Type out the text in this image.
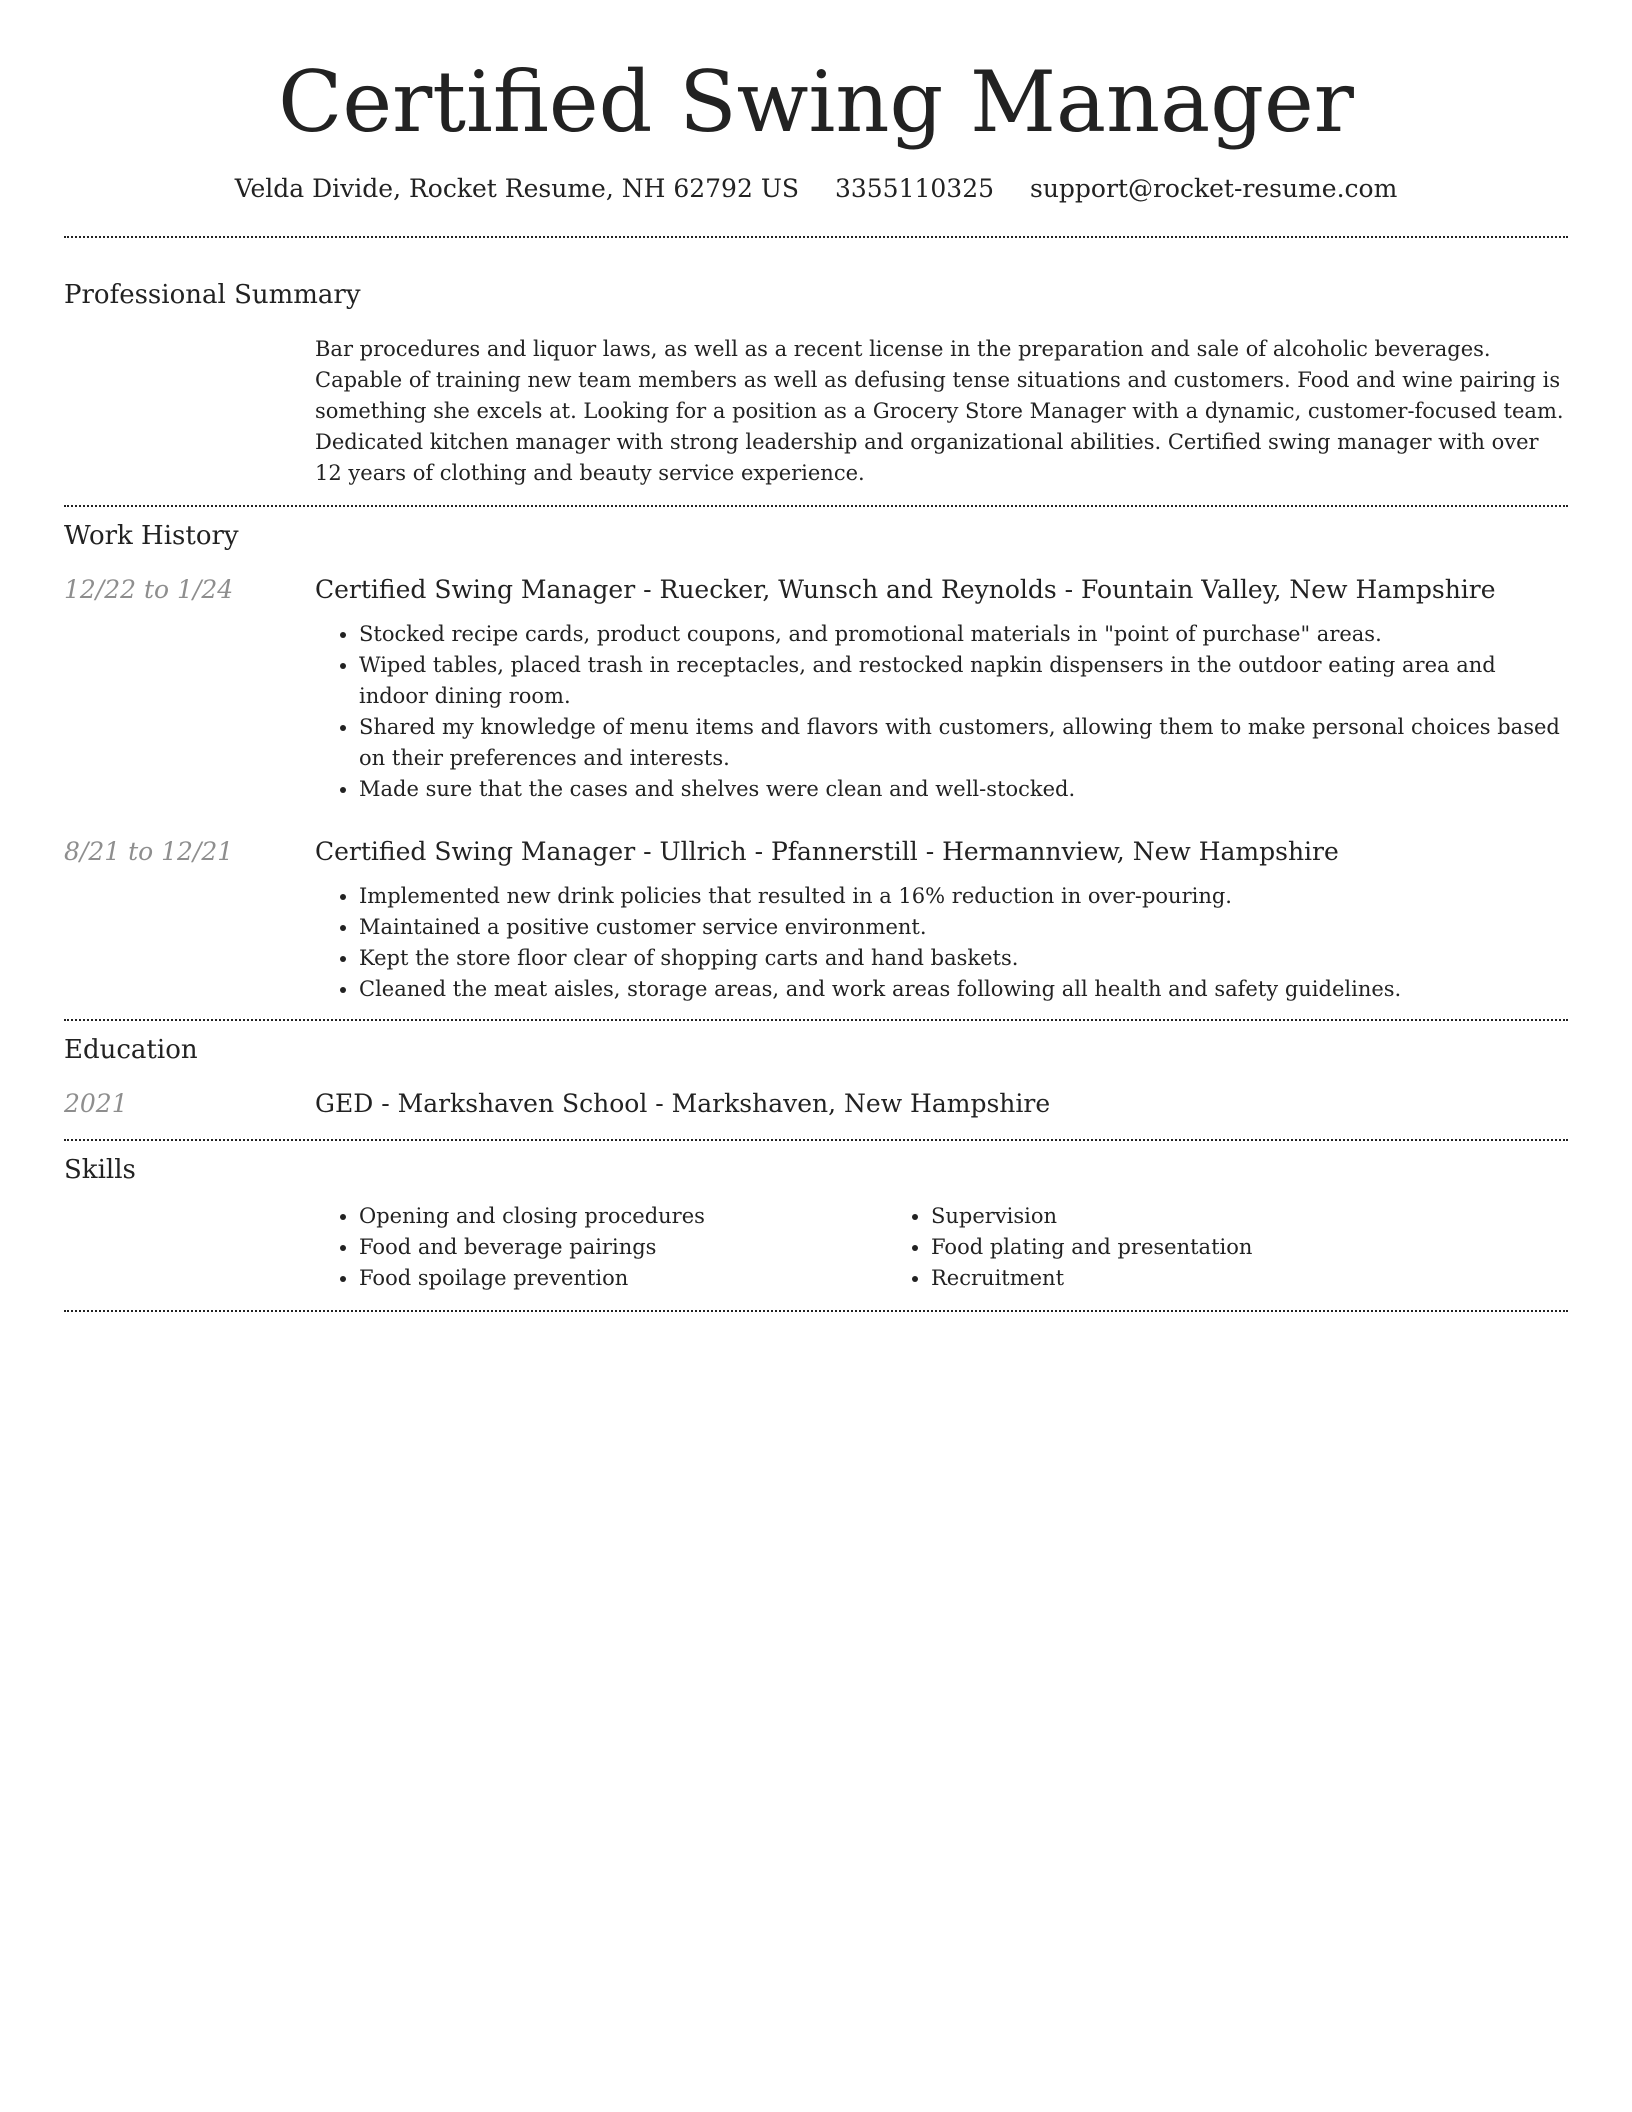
Certified Swing Manager
Velda Divide, Rocket Resume, NH 62792 US 3355110325 support@rocket-resume.com
Professional Summary
Bar procedures and liquor laws, as well as a recent license in the preparation and sale of alcoholic beverages. Capable of training new team members as well as defusing tense situations and customers. Food and wine pairing is something she excels at. Looking for a position as a Grocery Store Manager with a dynamic, customer-focused team. Dedicated kitchen manager with strong leadership and organizational abilities. Certified swing manager with over 12 years of clothing and beauty service experience.
Work History
12/22 to 1/24	Certified Swing Manager - Ruecker, Wunsch and Reynolds - Fountain Valley, New Hampshire
• Stocked recipe cards, product coupons, and promotional materials in "point of purchase" areas.
• Wiped tables, placed trash in receptacles, and restocked napkin dispensers in the outdoor eating area and indoor dining room.
• Shared my knowledge of menu items and flavors with customers, allowing them to make personal choices based on their preferences and interests.
• Made sure that the cases and shelves were clean and well-stocked.
8/21 to 12/21	Certified Swing Manager - Ullrich - Pfannerstill - Hermannview, New Hampshire
• Implemented new drink policies that resulted in a 16% reduction in over-pouring.
• Maintained a positive customer service environment.
• Kept the store floor clear of shopping carts and hand baskets.
• Cleaned the meat aisles, storage areas, and work areas following all health and safety guidelines.
Education
2021	GED - Markshaven School - Markshaven, New Hampshire
Skills
• Opening and closing procedures
• Food and beverage pairings
• Food spoilage prevention
• Supervision
• Food plating and presentation
• Recruitment
